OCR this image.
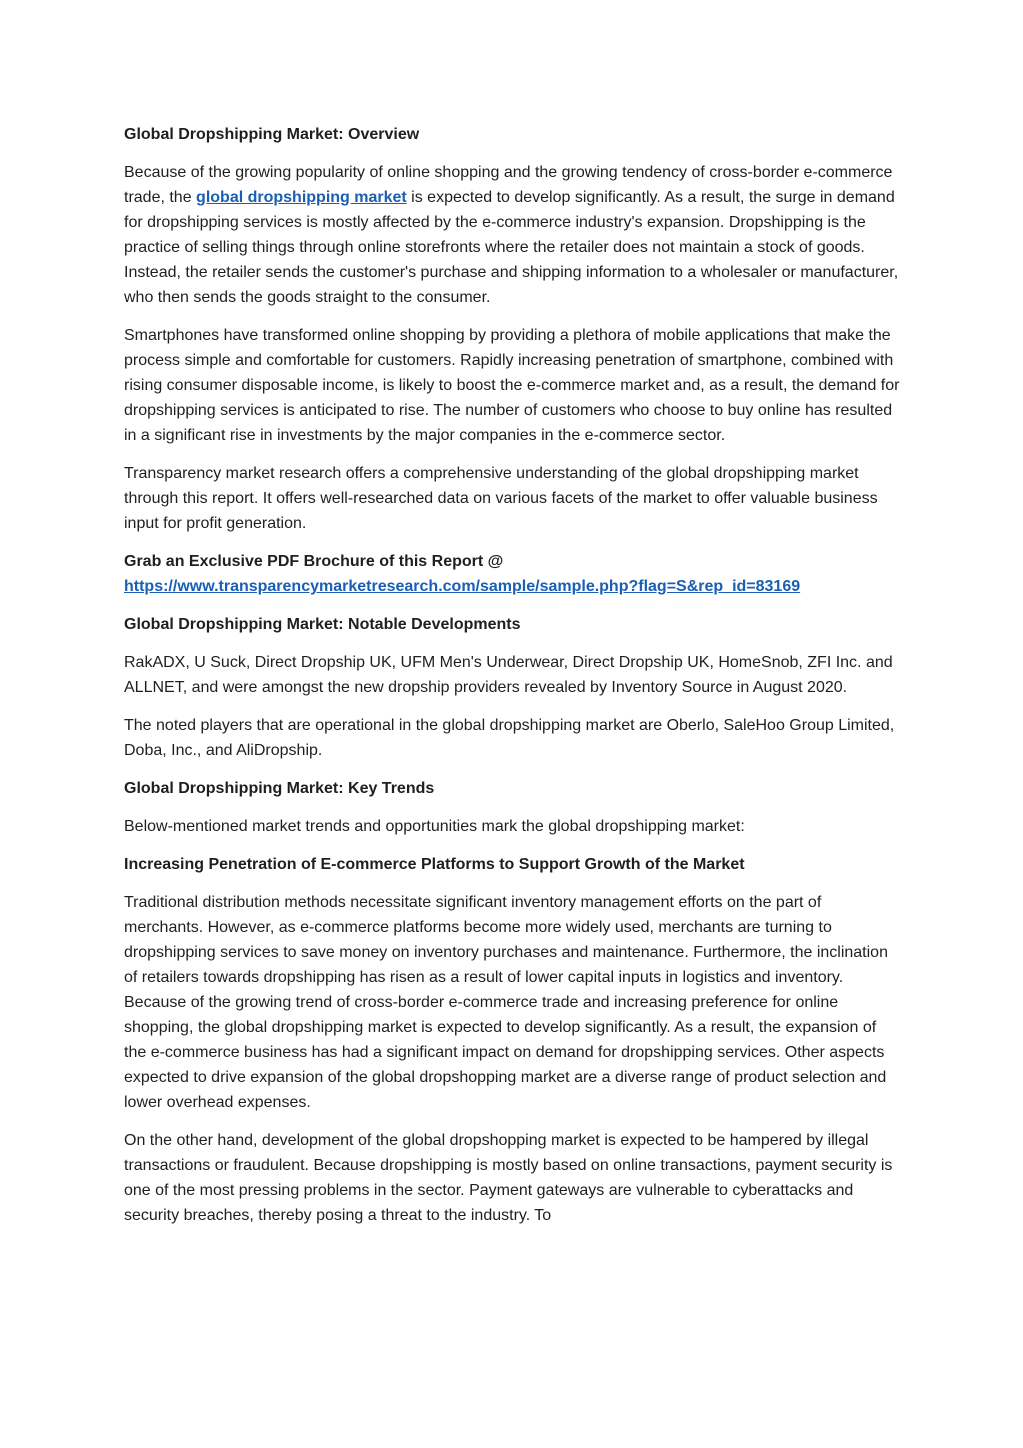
Global Dropshipping Market: Overview
Because of the growing popularity of online shopping and the growing tendency of cross-border e-commerce trade, the global dropshipping market is expected to develop significantly. As a result, the surge in demand for dropshipping services is mostly affected by the e-commerce industry's expansion. Dropshipping is the practice of selling things through online storefronts where the retailer does not maintain a stock of goods. Instead, the retailer sends the customer's purchase and shipping information to a wholesaler or manufacturer, who then sends the goods straight to the consumer.
Smartphones have transformed online shopping by providing a plethora of mobile applications that make the process simple and comfortable for customers. Rapidly increasing penetration of smartphone, combined with rising consumer disposable income, is likely to boost the e-commerce market and, as a result, the demand for dropshipping services is anticipated to rise. The number of customers who choose to buy online has resulted in a significant rise in investments by the major companies in the e-commerce sector.
Transparency market research offers a comprehensive understanding of the global dropshipping market through this report. It offers well-researched data on various facets of the market to offer valuable business input for profit generation.
Grab an Exclusive PDF Brochure of this Report @
https://www.transparencymarketresearch.com/sample/sample.php?flag=S&rep_id=83169
Global Dropshipping Market: Notable Developments
RakADX, U Suck, Direct Dropship UK, UFM Men's Underwear, Direct Dropship UK, HomeSnob, ZFI Inc. and ALLNET, and were amongst the new dropship providers revealed by Inventory Source in August 2020.
The noted players that are operational in the global dropshipping market are Oberlo, SaleHoo Group Limited, Doba, Inc., and AliDropship.
Global Dropshipping Market: Key Trends
Below-mentioned market trends and opportunities mark the global dropshipping market:
Increasing Penetration of E-commerce Platforms to Support Growth of the Market
Traditional distribution methods necessitate significant inventory management efforts on the part of merchants. However, as e-commerce platforms become more widely used, merchants are turning to dropshipping services to save money on inventory purchases and maintenance. Furthermore, the inclination of retailers towards dropshipping has risen as a result of lower capital inputs in logistics and inventory. Because of the growing trend of cross-border e-commerce trade and increasing preference for online shopping, the global dropshipping market is expected to develop significantly. As a result, the expansion of the e-commerce business has had a significant impact on demand for dropshipping services. Other aspects expected to drive expansion of the global dropshopping market are a diverse range of product selection and lower overhead expenses.
On the other hand, development of the global dropshopping market is expected to be hampered by illegal transactions or fraudulent. Because dropshipping is mostly based on online transactions, payment security is one of the most pressing problems in the sector. Payment gateways are vulnerable to cyberattacks and security breaches, thereby posing a threat to the industry. To
